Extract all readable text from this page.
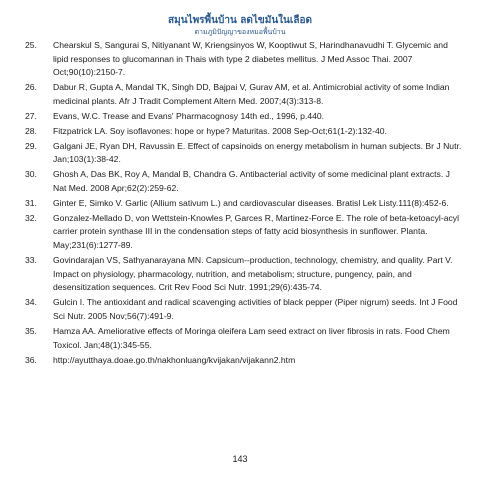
สมุนไพรพื้นบ้าน ลดไขมันในเลือด
ตามภูมิปัญญาของหมอพื้นบ้าน
25.	Chearskul S, Sangurai S, Nitiyanant W, Kriengsinyos W, Kooptiwut S, Harindhanavudhi T. Glycemic and lipid responses to glucomannan in Thais with type 2 diabetes mellitus. J Med Assoc Thai. 2007 Oct;90(10):2150-7.
26.	Dabur R, Gupta A, Mandal TK, Singh DD, Bajpai V, Gurav AM, et al. Antimicrobial activity of some Indian medicinal plants. Afr J Tradit Complement Altern Med. 2007;4(3):313-8.
27.	Evans, W.C. Trease and Evans' Pharmacognosy 14th ed., 1996, p.440.
28.	Fitzpatrick LA. Soy isoflavones: hope or hype? Maturitas. 2008 Sep-Oct;61(1-2):132-40.
29.	Galgani JE, Ryan DH, Ravussin E. Effect of capsinoids on energy metabolism in human subjects. Br J Nutr. Jan;103(1):38-42.
30.	Ghosh A, Das BK, Roy A, Mandal B, Chandra G. Antibacterial activity of some medicinal plant extracts. J Nat Med. 2008 Apr;62(2):259-62.
31.	Ginter E, Simko V. Garlic (Allium sativum L.) and cardiovascular diseases. Bratisl Lek Listy.111(8):452-6.
32.	Gonzalez-Mellado D, von Wettstein-Knowles P, Garces R, Martinez-Force E. The role of beta-ketoacyl-acyl carrier protein synthase III in the condensation steps of fatty acid biosynthesis in sunflower. Planta. May;231(6):1277-89.
33.	Govindarajan VS, Sathyanarayana MN. Capsicum--production, technology, chemistry, and quality. Part V. Impact on physiology, pharmacology, nutrition, and metabolism; structure, pungency, pain, and desensitization sequences. Crit Rev Food Sci Nutr. 1991;29(6):435-74.
34.	Gulcin I. The antioxidant and radical scavenging activities of black pepper (Piper nigrum) seeds. Int J Food Sci Nutr. 2005 Nov;56(7):491-9.
35.	Hamza AA. Ameliorative effects of Moringa oleifera Lam seed extract on liver fibrosis in rats. Food Chem Toxicol. Jan;48(1):345-55.
36.	http://ayutthaya.doae.go.th/nakhonluang/kvijakan/vijakann2.htm
143
